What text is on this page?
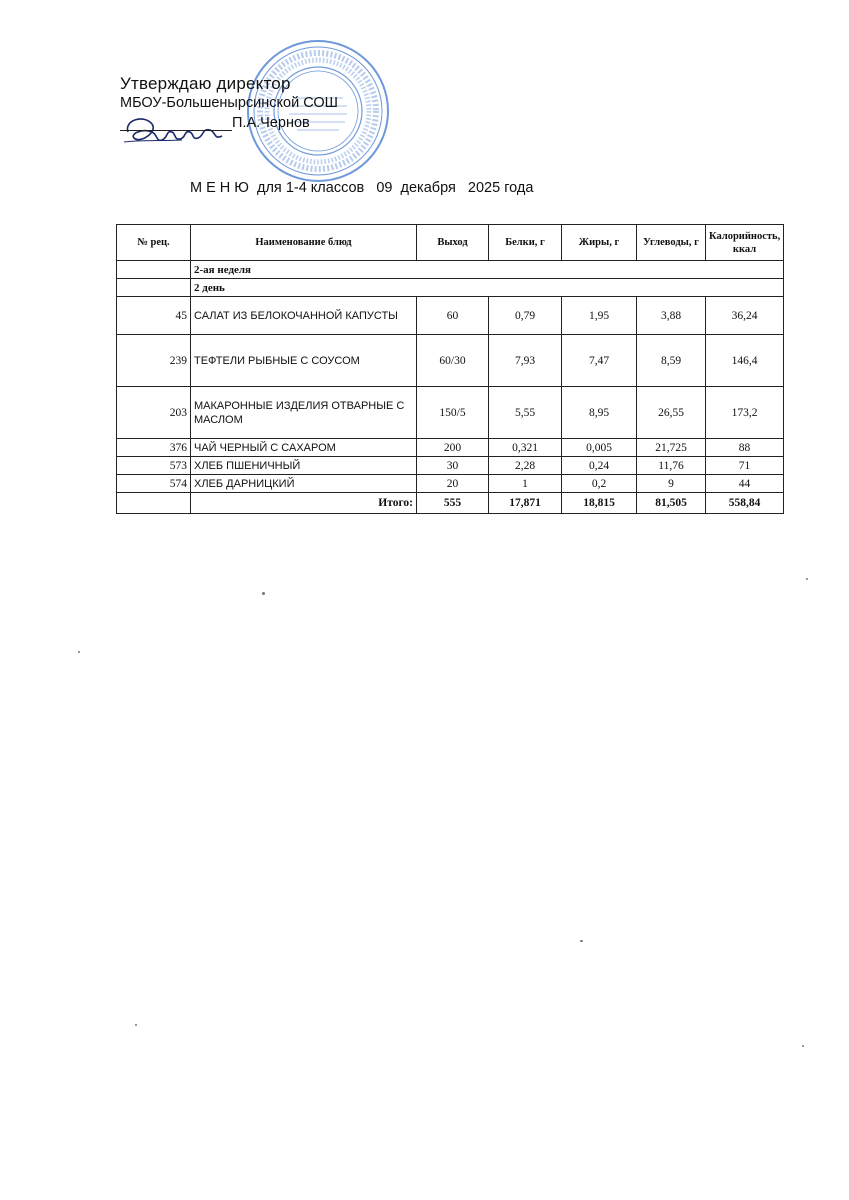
Утверждаю директор
МБОУ-Большеныpсинской СОШ
П.А.Чернов
М Е Н Ю  для 1-4 классов   09  декабря   2025 года
№ рец.	Наименование блюд	Выход	Белки, г	Жиры, г	Углеводы, г	Калорийность, ккал
	2-ая неделя					
	2 день					
45	САЛАТ ИЗ БЕЛОКОЧАННОЙ КАПУСТЫ	60	0,79	1,95	3,88	36,24
239	ТЕФТЕЛИ РЫБНЫЕ С СОУСОМ	60/30	7,93	7,47	8,59	146,4
203	МАКАРОННЫЕ ИЗДЕЛИЯ ОТВАРНЫЕ С МАСЛОМ	150/5	5,55	8,95	26,55	173,2
376	ЧАЙ ЧЕРНЫЙ С САХАРОМ	200	0,321	0,005	21,725	88
573	ХЛЕБ ПШЕНИЧНЫЙ	30	2,28	0,24	11,76	71
574	ХЛЕБ ДАРНИЦКИЙ	20	1	0,2	9	44
	Итого:	555	17,871	18,815	81,505	558,84
